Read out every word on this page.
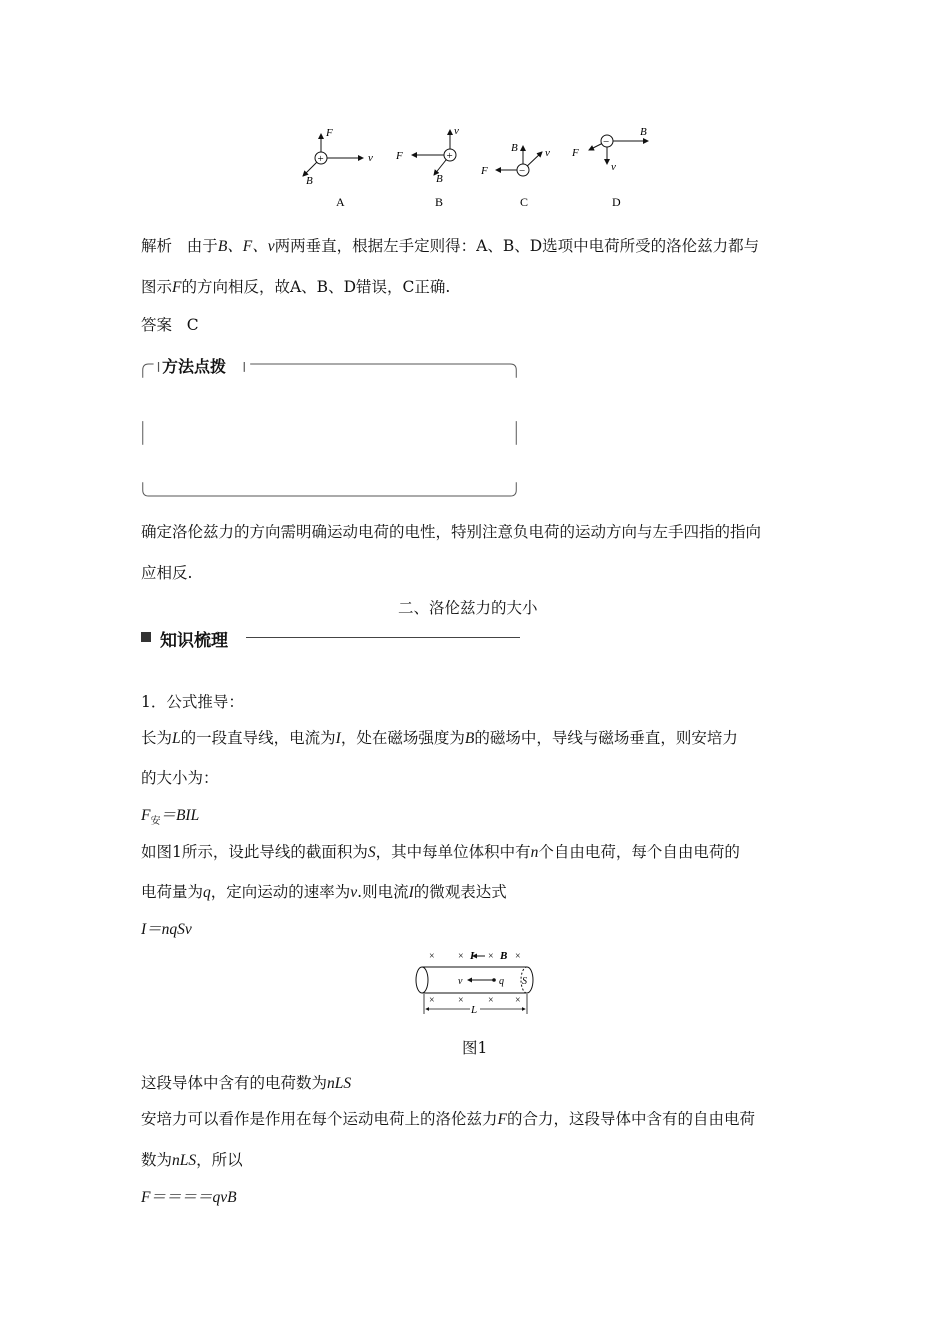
+
F
v
B
A
+
v
F
B
B
−
B v
F
C
−
B
v
F
D
解析 由于B、F、v两两垂直，根据左手定则得：A、B、D选项中电荷所受的洛伦兹力都与
图示F的方向相反，故A、B、D错误，C正确.
答案 C
方法点拨
确定洛伦兹力的方向需明确运动电荷的电性，特别注意负电荷的运动方向与左手四指的指向
应相反.
二、洛伦兹力的大小
知识梳理
1．公式推导：
长为L的一段直导线，电流为I，处在磁场强度为B的磁场中，导线与磁场垂直，则安培力
的大小为：
$F_安=BIL$
如图1所示，设此导线的截面积为S，其中每单位体积中有n个自由电荷，每个自由电荷的
电荷量为q，定向运动的速率为v.则电流I的微观表达式
I＝nqSv
× × I × B ×
S
v	q
× × × ×
L
图1
这段导体中含有的电荷数为nLS
安培力可以看作是作用在每个运动电荷上的洛伦兹力F的合力，这段导体中含有的自由电荷
数为nLS，所以
F＝＝＝＝qvB
